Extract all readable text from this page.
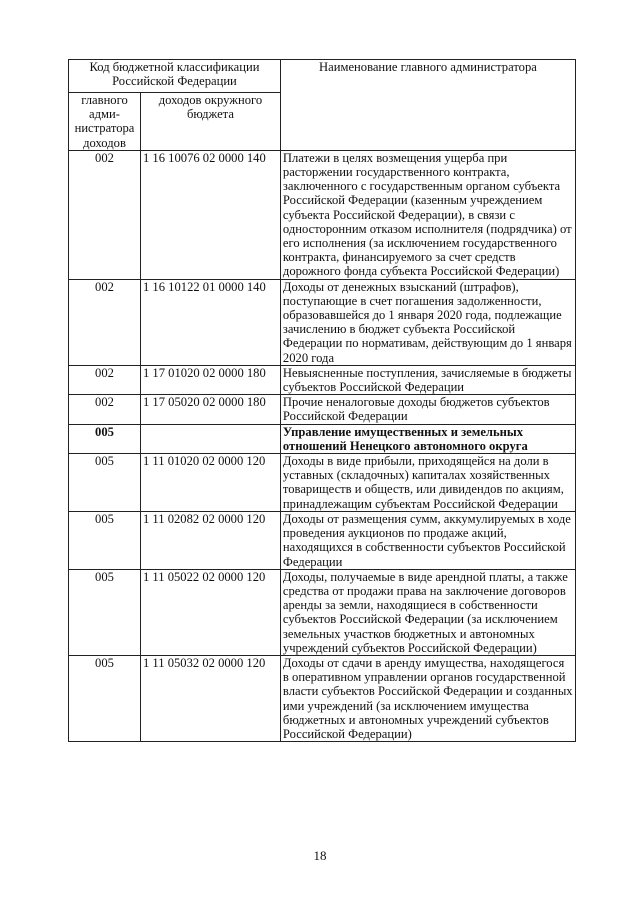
Код бюджетной классификации Российской Федерации		Наименование главного администратора
главного адми-нистратора доходов	доходов окружного бюджета	
002	1 16 10076 02 0000 140	Платежи в целях возмещения ущерба при расторжении государственного контракта, заключенного с государственным органом субъекта Российской Федерации (казенным учреждением субъекта Российской Федерации), в связи с односторонним отказом исполнителя (подрядчика) от его исполнения (за исключением государственного контракта, финансируемого за счет средств дорожного фонда субъекта Российской Федерации)
002	1 16 10122 01 0000 140	Доходы от денежных взысканий (штрафов), поступающие в счет погашения задолженности, образовавшейся до 1 января 2020 года, подлежащие зачислению в бюджет субъекта Российской Федерации по нормативам, действующим до 1 января 2020 года
002	1 17 01020 02 0000 180	Невыясненные поступления, зачисляемые в бюджеты субъектов Российской Федерации
002	1 17 05020 02 0000 180	Прочие неналоговые доходы бюджетов субъектов Российской Федерации
005		Управление имущественных и земельных отношений Ненецкого автономного округа
005	1 11 01020 02 0000 120	Доходы в виде прибыли, приходящейся на доли в уставных (складочных) капиталах хозяйственных товариществ и обществ, или дивидендов по акциям, принадлежащим субъектам Российской Федерации
005	1 11 02082 02 0000 120	Доходы от размещения сумм, аккумулируемых в ходе проведения аукционов по продаже акций, находящихся в собственности субъектов Российской Федерации
005	1 11 05022 02 0000 120	Доходы, получаемые в виде арендной платы, а также средства от продажи права на заключение договоров аренды за земли, находящиеся в собственности субъектов Российской Федерации (за исключением земельных участков бюджетных и автономных учреждений субъектов Российской Федерации)
005	1 11 05032 02 0000 120	Доходы от сдачи в аренду имущества, находящегося в оперативном управлении органов государственной власти субъектов Российской Федерации и созданных ими учреждений (за исключением имущества бюджетных и автономных учреждений субъектов Российской Федерации)
18
